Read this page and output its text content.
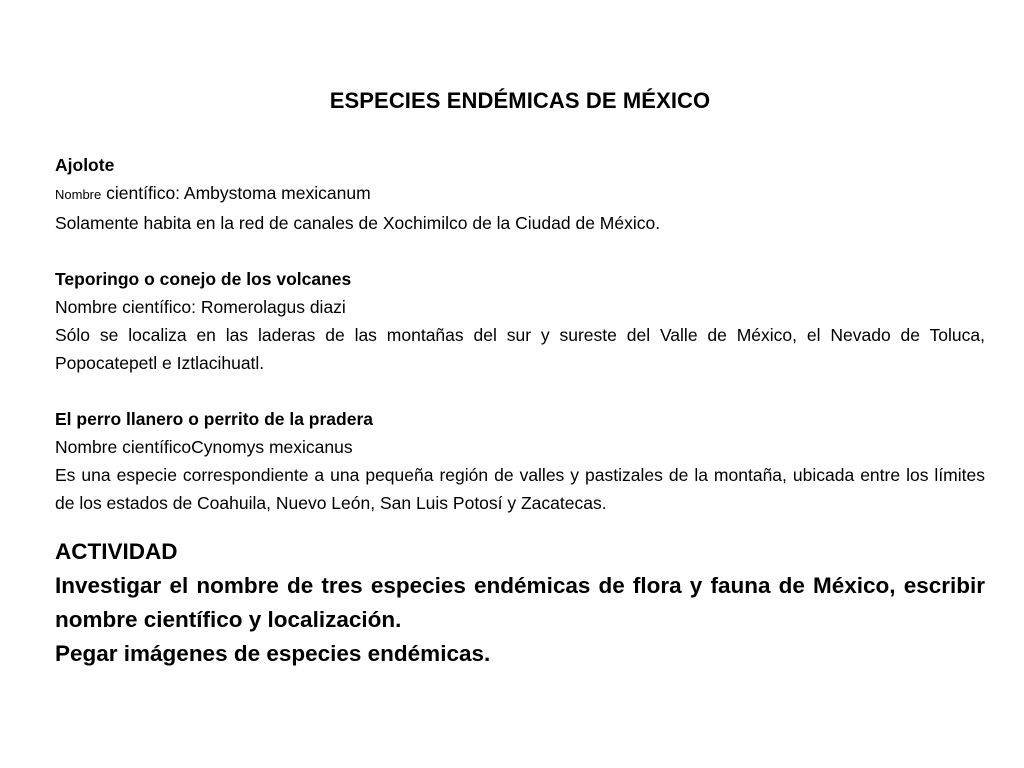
ESPECIES ENDÉMICAS DE MÉXICO
Ajolote
Nombre científico: Ambystoma mexicanum
Solamente habita en la red de canales de Xochimilco de la Ciudad de México.
Teporingo o conejo de los volcanes
Nombre científico: Romerolagus diazi
Sólo se localiza en las laderas de las montañas del sur y sureste del Valle de México, el Nevado de Toluca, Popocatepetl e Iztlacihuatl.
El perro llanero o perrito de la pradera
Nombre científicoCynomys mexicanus
Es una especie correspondiente a una pequeña región de valles y pastizales de la montaña, ubicada entre los límites de los estados de Coahuila, Nuevo León, San Luis Potosí y Zacatecas.
ACTIVIDAD
Investigar el nombre de tres especies endémicas de flora y fauna de México, escribir nombre científico y localización.
Pegar imágenes de especies endémicas.
